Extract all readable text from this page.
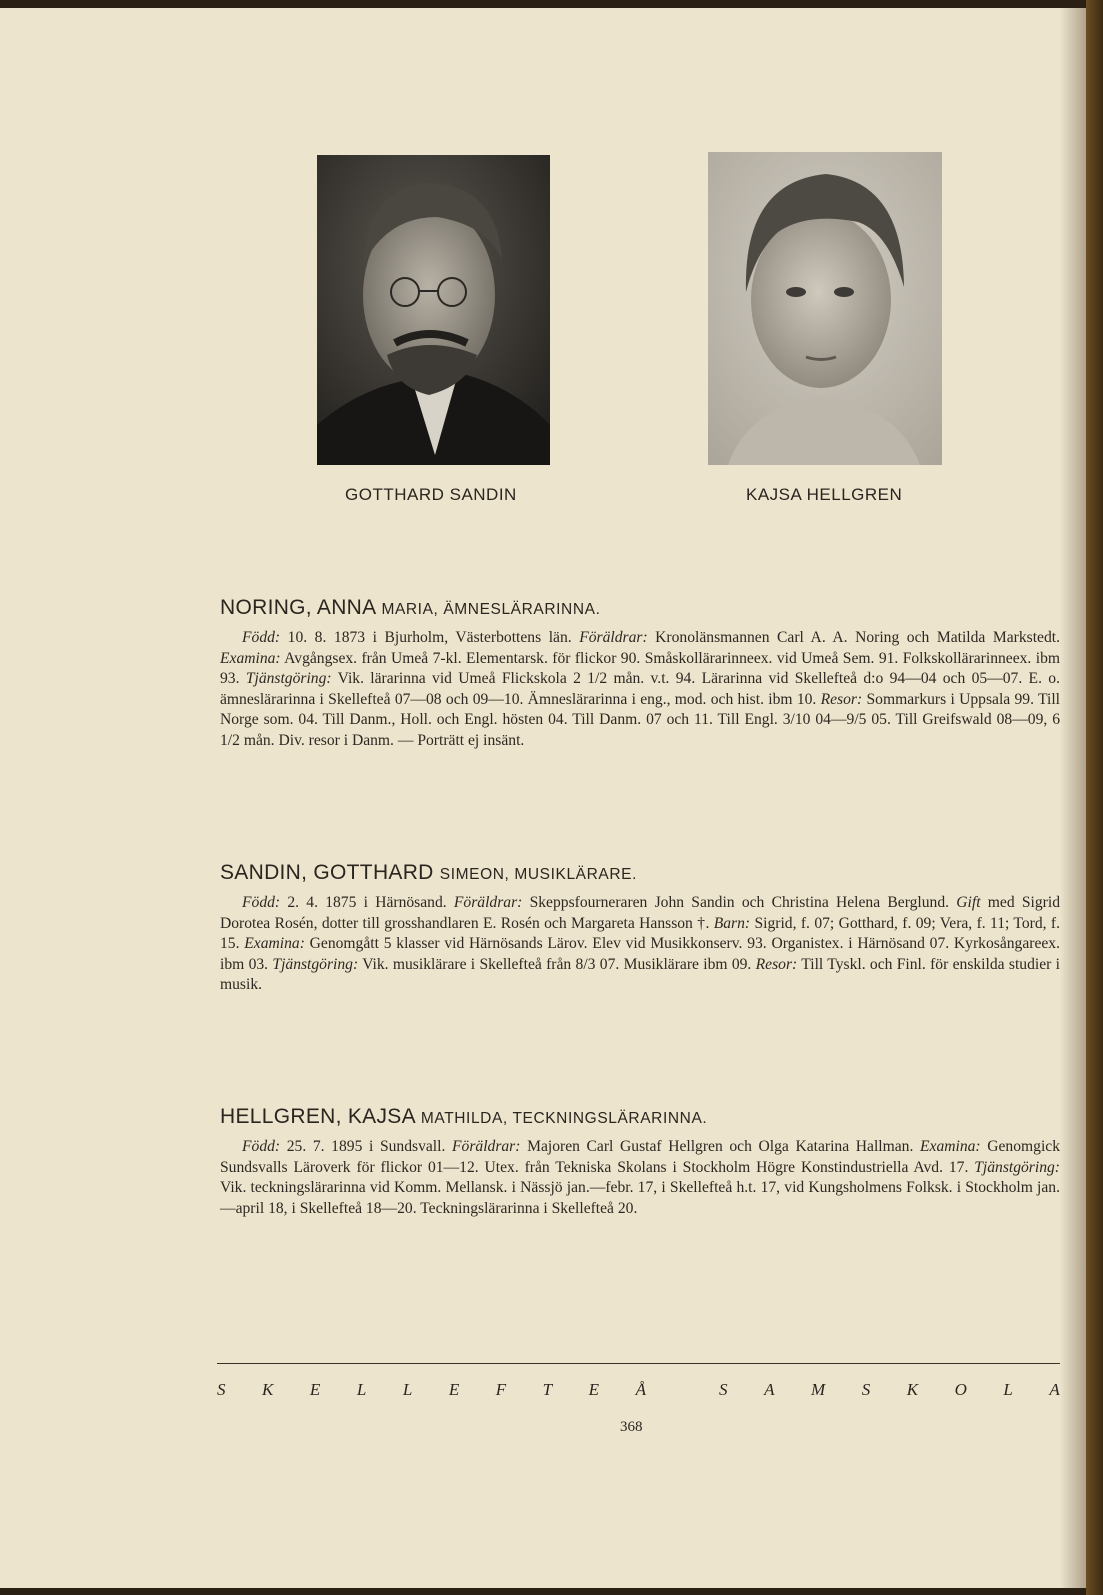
GOTTHARD SANDIN	KAJSA HELLGREN
NORING, ANNA MARIA, ÄMNESLÄRARINNA.

Född: 10. 8. 1873 i Bjurholm, Västerbottens län. Föräldrar: Kronolänsmannen Carl A. A. Noring och Matilda Markstedt. Examina: Avgångsex. från Umeå 7-kl. Elementarsk. för flickor 90. Småskollärarinneex. vid Umeå Sem. 91. Folkskollärarinneex. ibm 93. Tjänstgöring: Vik. lärarinna vid Umeå Flickskola 2 1/2 mån. v.t. 94. Lärarinna vid Skellefteå d:o 94—04 och 05—07. E. o. ämneslärarinna i Skellefteå 07—08 och 09—10. Ämneslärarinna i eng., mod. och hist. ibm 10. Resor: Sommarkurs i Uppsala 99. Till Norge som. 04. Till Danm., Holl. och Engl. hösten 04. Till Danm. 07 och 11. Till Engl. 3/10 04—9/5 05. Till Greifswald 08—09, 6 1/2 mån. Div. resor i Danm. — Porträtt ej insänt.

SANDIN, GOTTHARD SIMEON, MUSIKLÄRARE.

Född: 2. 4. 1875 i Härnösand. Föräldrar: Skeppsfourneraren John Sandin och Christina Helena Berglund. Gift med Sigrid Dorotea Rosén, dotter till grosshandlaren E. Rosén och Margareta Hansson †. Barn: Sigrid, f. 07; Gotthard, f. 09; Vera, f. 11; Tord, f. 15. Examina: Genomgått 5 klasser vid Härnösands Lärov. Elev vid Musikkonserv. 93. Organistex. i Härnösand 07. Kyrkosångareex. ibm 03. Tjänstgöring: Vik. musiklärare i Skellefteå från 8/3 07. Musiklärare ibm 09. Resor: Till Tyskl. och Finl. för enskilda studier i musik.

HELLGREN, KAJSA MATHILDA, TECKNINGSLÄRARINNA.

Född: 25. 7. 1895 i Sundsvall. Föräldrar: Majoren Carl Gustaf Hellgren och Olga Katarina Hallman. Examina: Genomgick Sundsvalls Läroverk för flickor 01—12. Utex. från Tekniska Skolans i Stockholm Högre Konstindustriella Avd. 17. Tjänstgöring: Vik. teckningslärarinna vid Komm. Mellansk. i Nässjö jan.—febr. 17, i Skellefteå h.t. 17, vid Kungsholmens Folksk. i Stockholm jan.—april 18, i Skellefteå 18—20. Teckningslärarinna i Skellefteå 20.

S K E L L E F T E Å	S A M S K O L A
368
